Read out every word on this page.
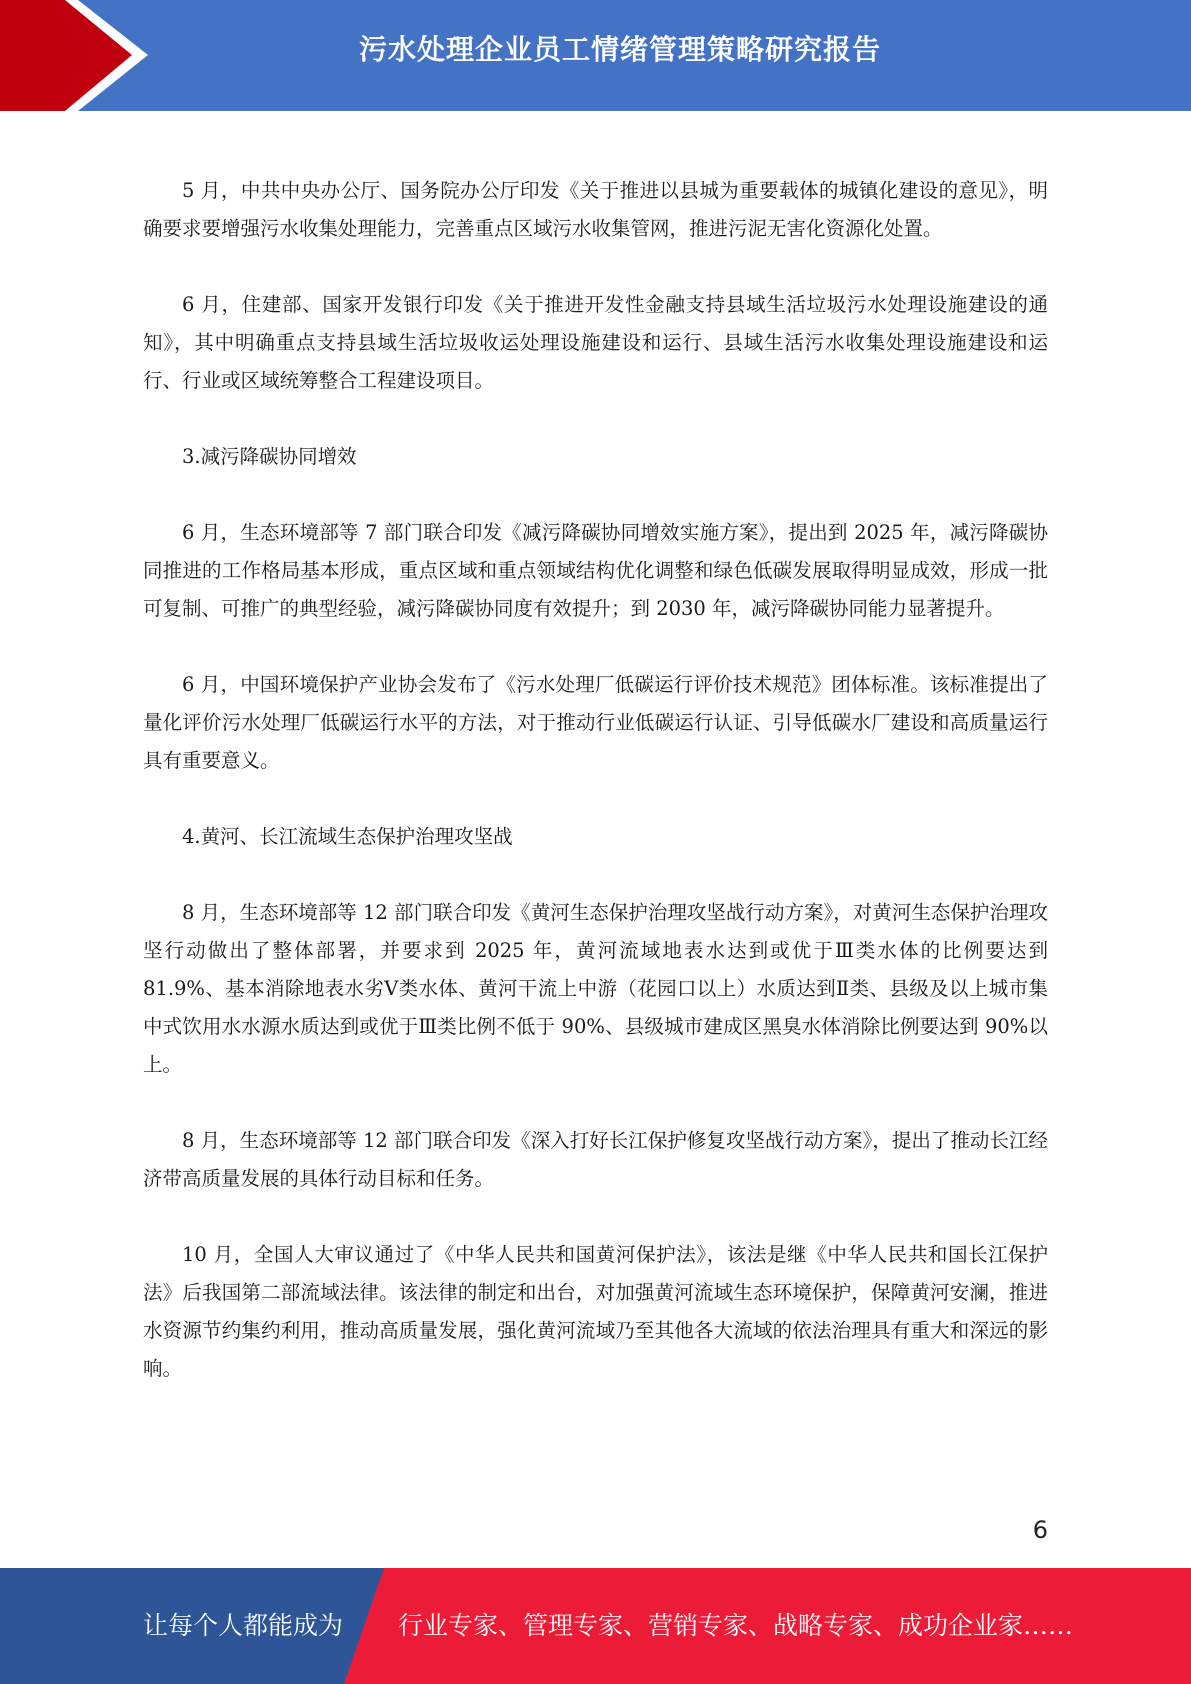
污水处理企业员工情绪管理策略研究报告

5 月，中共中央办公厅、国务院办公厅印发《关于推进以县城为重要载体的城镇化建设的意见》，明确要求要增强污水收集处理能力，完善重点区域污水收集管网，推进污泥无害化资源化处置。

6 月，住建部、国家开发银行印发《关于推进开发性金融支持县域生活垃圾污水处理设施建设的通知》，其中明确重点支持县域生活垃圾收运处理设施建设和运行、县域生活污水收集处理设施建设和运行、行业或区域统筹整合工程建设项目。

3.减污降碳协同增效

6 月，生态环境部等 7 部门联合印发《减污降碳协同增效实施方案》，提出到 2025 年，减污降碳协同推进的工作格局基本形成，重点区域和重点领域结构优化调整和绿色低碳发展取得明显成效，形成一批可复制、可推广的典型经验，减污降碳协同度有效提升；到 2030 年，减污降碳协同能力显著提升。

6 月，中国环境保护产业协会发布了《污水处理厂低碳运行评价技术规范》团体标准。该标准提出了量化评价污水处理厂低碳运行水平的方法，对于推动行业低碳运行认证、引导低碳水厂建设和高质量运行具有重要意义。

4.黄河、长江流域生态保护治理攻坚战

8 月，生态环境部等 12 部门联合印发《黄河生态保护治理攻坚战行动方案》，对黄河生态保护治理攻坚行动做出了整体部署，并要求到 2025 年，黄河流域地表水达到或优于Ⅲ类水体的比例要达到 81.9%、基本消除地表水劣Ⅴ类水体、黄河干流上中游（花园口以上）水质达到Ⅱ类、县级及以上城市集中式饮用水水源水质达到或优于Ⅲ类比例不低于 90%、县级城市建成区黑臭水体消除比例要达到 90%以上。

8 月，生态环境部等 12 部门联合印发《深入打好长江保护修复攻坚战行动方案》，提出了推动长江经济带高质量发展的具体行动目标和任务。

10 月，全国人大审议通过了《中华人民共和国黄河保护法》，该法是继《中华人民共和国长江保护法》后我国第二部流域法律。该法律的制定和出台，对加强黄河流域生态环境保护，保障黄河安澜，推进水资源节约集约利用，推动高质量发展，强化黄河流域乃至其他各大流域的依法治理具有重大和深远的影响。

6
让每个人都能成为 行业专家、管理专家、营销专家、战略专家、成功企业家……
